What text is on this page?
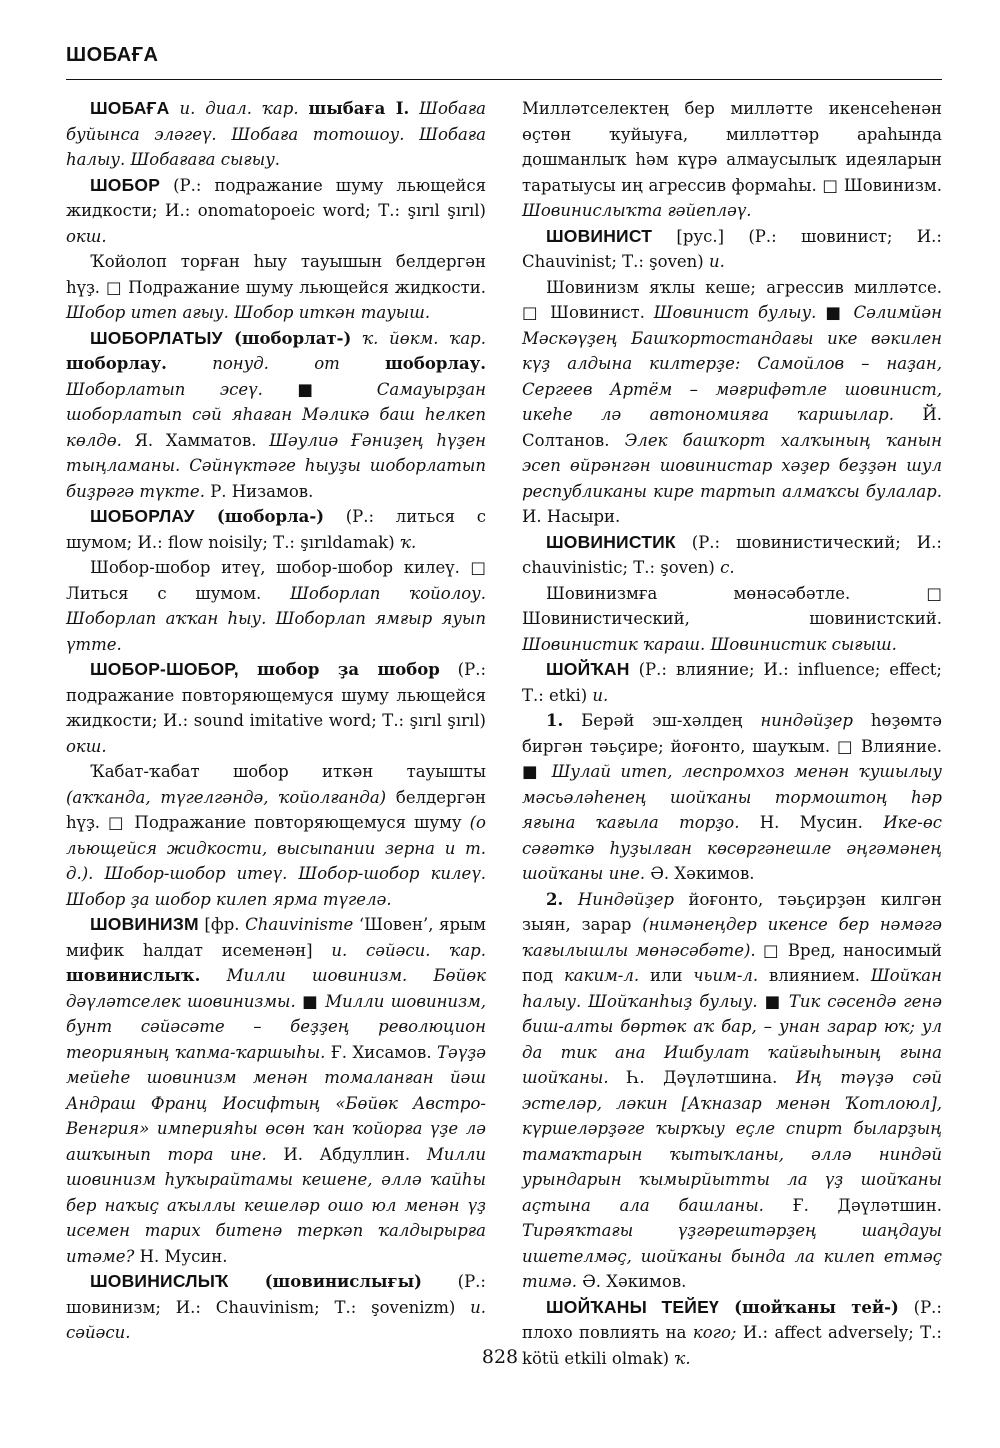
ШОБАҒА

ШОБАҒА и. диал. ҡар. шыбаға I. Шобаға буйынса эләгеү. Шобаға тотошоу. Шобаға һалыу. Шобағаға сығыу.

ШОБОР (Р.: подражание шуму льющейся жидкости; И.: onomatopoeic word; Т.: şırıl şırıl) окш.

Ҡойолоп торған һыу тауышын белдергән һүҙ. □ Подражание шуму льющейся жидкости. Шобор итеп ағыу. Шобор иткән тауыш.

ШОБОРЛАТЫУ (шоборлат-) ҡ. йөкм. ҡар. шоборлау. понуд. от шоборлау. Шоборлатып эсеү. ■ Самауырҙан шоборлатып сәй яһаған Мәликә баш һелкеп көлдө. Я. Хамматов. Шәулиә Ғәниҙең һүҙен тыңламаны. Сәйнүктәге һыуҙы шоборлатып биҙрәгә түкте. Р. Низамов.

ШОБОРЛАУ (шоборла-) (Р.: литься с шумом; И.: flow noisily; Т.: şırıldamak) ҡ.

Шобор-шобор итеү, шобор-шобор килеү. □ Литься с шумом. Шоборлап ҡойолоу. Шоборлап аҡҡан һыу. Шоборлап ямғыр яуып үтте.

ШОБОР-ШОБОР, шобор ҙа шобор (Р.: подражание повторяющемуся шуму льющейся жидкости; И.: sound imitative word; Т.: şırıl şırıl) окш.

Ҡабат-ҡабат шобор иткән тауышты (аҡҡанда, түгелгәндә, ҡойолғанда) белдергән һүҙ. □ Подражание повторяющемуся шуму (о льющейся жидкости, высыпании зерна и т. д.). Шобор-шобор итеү. Шобор-шобор килеү. Шобор ҙа шобор килеп ярма түгелә.

ШОВИНИЗМ [фр. Chauvinisme ‘Шовен’, ярым мифик һалдат исеменән] и. сәйәси. ҡар. шовинислыҡ. Милли шовинизм. Бөйөк дәүләтселек шовинизмы. ■ Милли шовинизм, бунт сәйәсәте – беҙҙең революцион теорияның ҡапма-ҡаршыһы. Ғ. Хисамов. Тәүҙә мейеһе шовинизм менән томаланған йәш Андраш Франц Иосифтың «Бөйөк Австро-Венгрия» империяһы өсөн ҡан ҡойорға үҙе лә ашҡынып тора ине. И. Абдуллин. Милли шовинизм һуҡырайтамы кешене, әллә ҡайһы бер наҡыҫ аҡыллы кешеләр ошо юл менән үҙ исемен тарих битенә теркәп ҡалдырырға итәме? Н. Мусин.

ШОВИНИСЛЫҠ (шовинислығы) (Р.: шовинизм; И.: Chauvinism; Т.: şovenizm) и. сәйәси.

Милләтселектең бер милләтте икенсеһенән өҫтөн ҡуйыуға, милләттәр араһында дошманлыҡ һәм күрә алмаусылыҡ идеяларын таратыусы иң агрессив формаһы. □ Шовинизм. Шовинислыҡта ғәйепләү.

ШОВИНИСТ [рус.] (Р.: шовинист; И.: Chauvinist; Т.: şoven) и.

Шовинизм яҡлы кеше; агрессив милләтсе. □ Шовинист. Шовинист булыу. ■ Сәлимйән Мәскәүҙең Башҡортостандағы ике вәкилен күҙ алдына килтерҙе: Самойлов – наҙан, Сергеев Артём – мәғрифәтле шовинист, икеһе лә автономияға ҡаршылар. Й. Солтанов. Элек башҡорт халҡының ҡанын эсеп өйрәнгән шовинистар хәҙер беҙҙән шул республиканы кире тартып алмаҡсы булалар. И. Насыри.

ШОВИНИСТИК (Р.: шовинистический; И.: chauvinistic; Т.: şoven) с.

Шовинизмға мөнәсәбәтле. □ Шовинистический, шовинистский. Шовинистик ҡараш. Шовинистик сығыш.

ШОЙҠАН (Р.: влияние; И.: influence; effect; Т.: etki) и.

1. Берәй эш-хәлдең ниндәйҙер һөҙөмтә биргән тәьҫире; йоғонто, шауҡым. □ Влияние. ■ Шулай итеп, леспромхоз менән ҡушылыу мәсьәләһенең шойҡаны тормоштоң һәр яғына ҡағыла торҙо. Н. Мусин. Ике-өс сәғәткә һуҙылған көсөргәнешле әңгәмәнең шойҡаны ине. Ә. Хәкимов.

2. Ниндәйҙер йоғонто, тәьҫирҙән килгән зыян, зарар (нимәнеңдер икенсе бер нәмәгә ҡағылышлы мөнәсәбәте). □ Вред, наносимый под каким-л. или чьим-л. влиянием. Шойҡан һалыу. Шойҡанһыҙ булыу. ■ Тик сәсендә генә биш-алты бөртөк аҡ бар, – унан зарар юҡ; ул да тик ана Ишбулат ҡайғыһының ғына шойҡаны. Һ. Дәүләтшина. Иң тәүҙә сәй эстеләр, ләкин [Аҡназар менән Ҡотлоюл], күршеләрҙәге ҡырҡыу еҫле спирт быларҙың тамаҡтарын ҡытыҡланы, әллә ниндәй урындарын ҡымырйытты ла үҙ шойҡаны аҫтына ала башланы. Ғ. Дәүләтшин. Тирәяҡтағы үҙгәрештәрҙең шаңдауы ишетелмәҫ, шойҡаны бында ла килеп етмәҫ тимә. Ә. Хәкимов.

ШОЙҠАНЫ ТЕЙЕҮ (шойҡаны тей-) (Р.: плохо повлиять на кого; И.: affect adversely; Т.: kötü etkili olmak) ҡ.

828
